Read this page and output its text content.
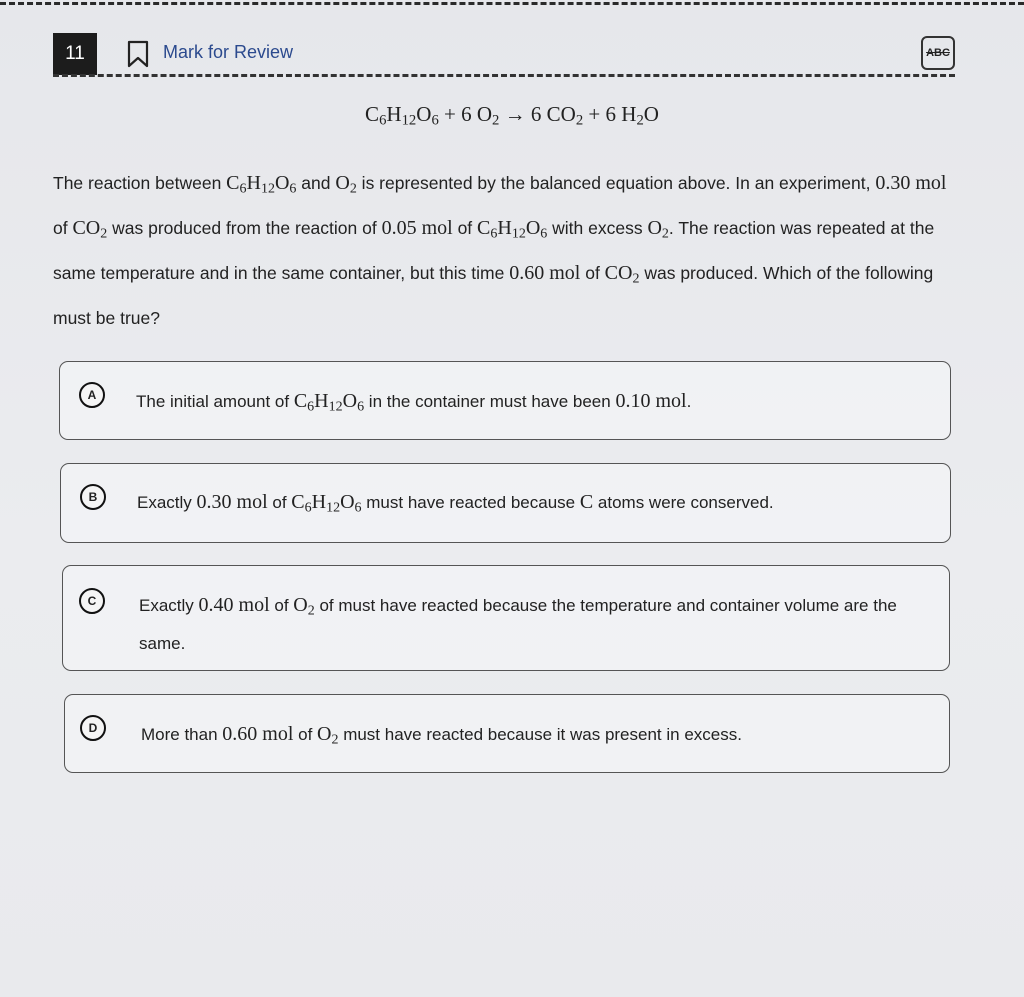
11	Mark for Review	ABC
$C_6H_{12}O_6 + 6$ $O_2 \to 6$ $CO_2 + 6$ $H_2O$
The reaction between $C_6H_{12}O_6$ and $O_2$ is represented by the balanced equation above. In an experiment, 0.30 mol of $CO_2$ was produced from the reaction of 0.05 mol of $C_6H_{12}O_6$ with excess $O_2$. The reaction was repeated at the same temperature and in the same container, but this time 0.60 mol of $CO_2$ was produced. Which of the following must be true?
A	The initial amount of $C_6H_{12}O_6$ in the container must have been 0.10 mol.
B	Exactly 0.30 mol of $C_6H_{12}O_6$ must have reacted because C atoms were conserved.
C	Exactly 0.40 mol of $O_2$ of must have reacted because the temperature and container volume are the same.
D	More than 0.60 mol of $O_2$ must have reacted because it was present in excess.
